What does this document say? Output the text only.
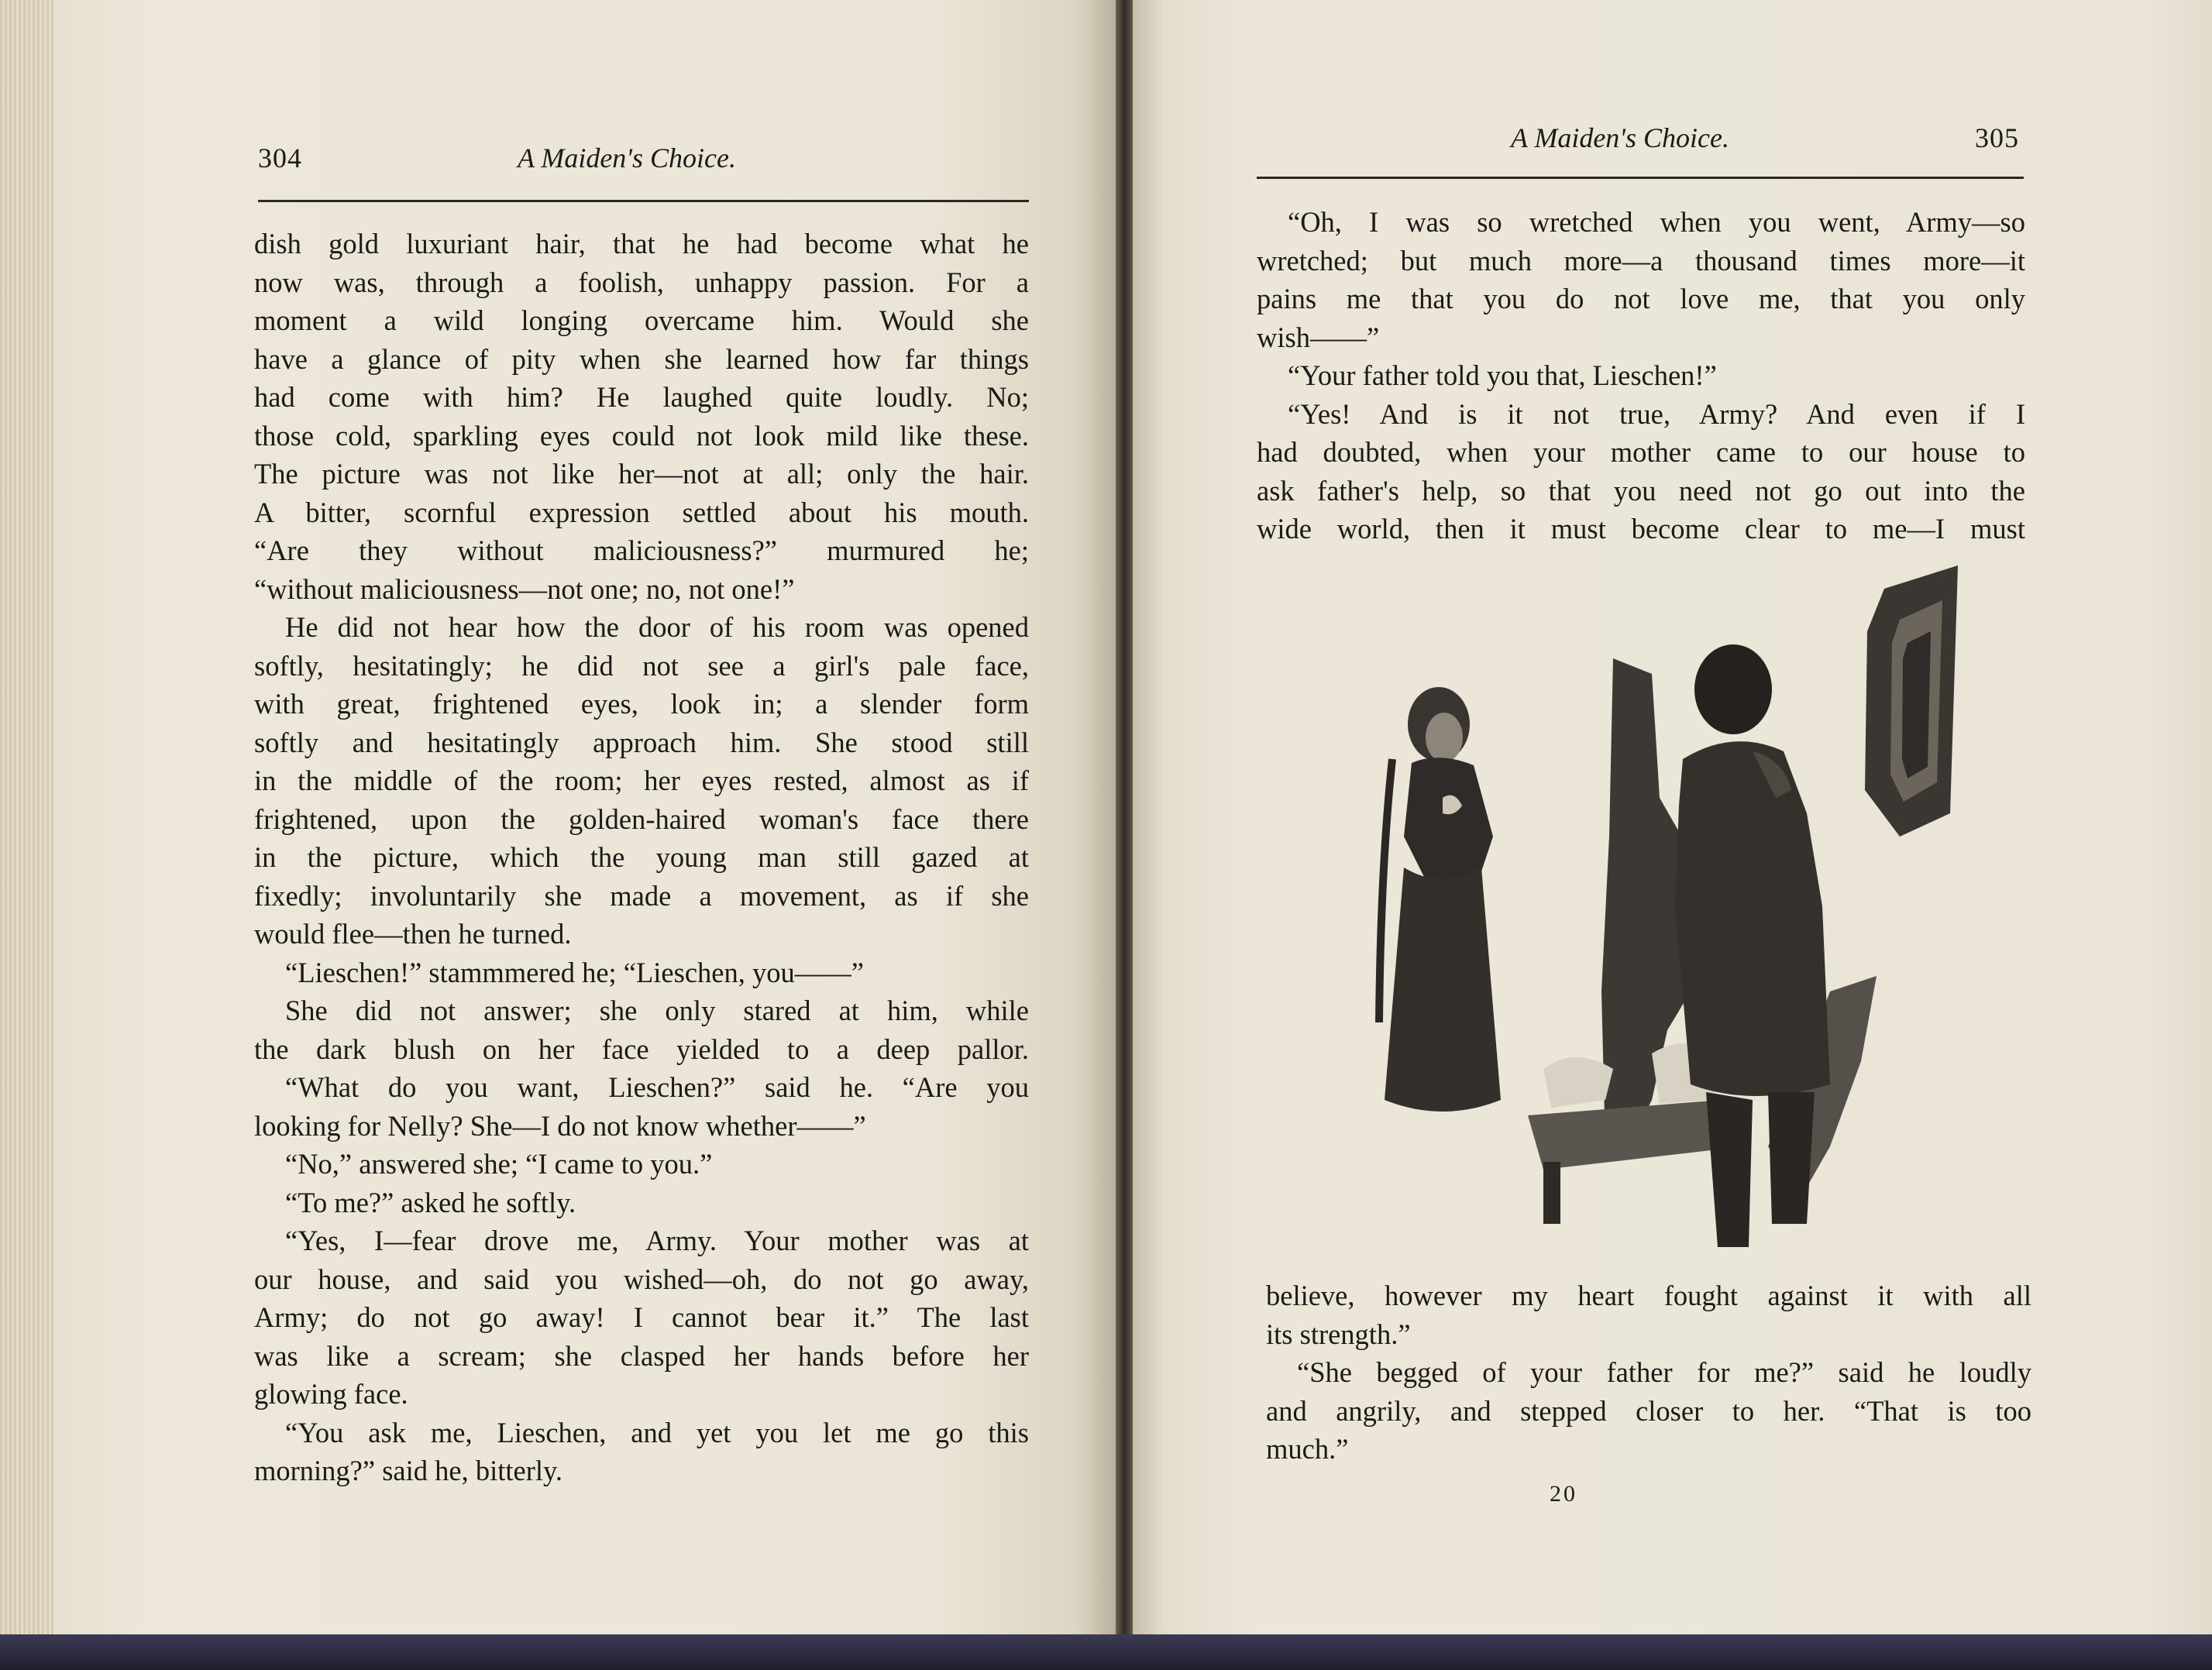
304	A Maiden's Choice.

dish gold luxuriant hair, that he had become what he

now was, through a foolish, unhappy passion. For a

moment a wild longing overcame him. Would she

have a glance of pity when she learned how far things

had come with him? He laughed quite loudly. No;

those cold, sparkling eyes could not look mild like these.

The picture was not like her—not at all; only the hair.

A bitter, scornful expression settled about his mouth.

“Are they without maliciousness?” murmured he;

“without maliciousness—not one; no, not one!”

He did not hear how the door of his room was opened

softly, hesitatingly; he did not see a girl's pale face,

with great, frightened eyes, look in; a slender form

softly and hesitatingly approach him. She stood still

in the middle of the room; her eyes rested, almost as if

frightened, upon the golden-haired woman's face there

in the picture, which the young man still gazed at

fixedly; involuntarily she made a movement, as if she

would flee—then he turned.

“Lieschen!” stammmered he; “Lieschen, you——”

She did not answer; she only stared at him, while

the dark blush on her face yielded to a deep pallor.

“What do you want, Lieschen?” said he. “Are you

looking for Nelly? She—I do not know whether——”

“No,” answered she; “I came to you.”

“To me?” asked he softly.

“Yes, I—fear drove me, Army. Your mother was at

our house, and said you wished—oh, do not go away,

Army; do not go away! I cannot bear it.” The last

was like a scream; she clasped her hands before her

glowing face.

“You ask me, Lieschen, and yet you let me go this

morning?” said he, bitterly.

A Maiden's Choice.	305

“Oh, I was so wretched when you went, Army—so

wretched; but much more—a thousand times more—it

pains me that you do not love me, that you only

wish——”

“Your father told you that, Lieschen!”

“Yes! And is it not true, Army? And even if I

had doubted, when your mother came to our house to

ask father's help, so that you need not go out into the

wide world, then it must become clear to me—I must

believe, however my heart fought against it with all

its strength.”

“She begged of your father for me?” said he loudly

and angrily, and stepped closer to her. “That is too

much.”

20
